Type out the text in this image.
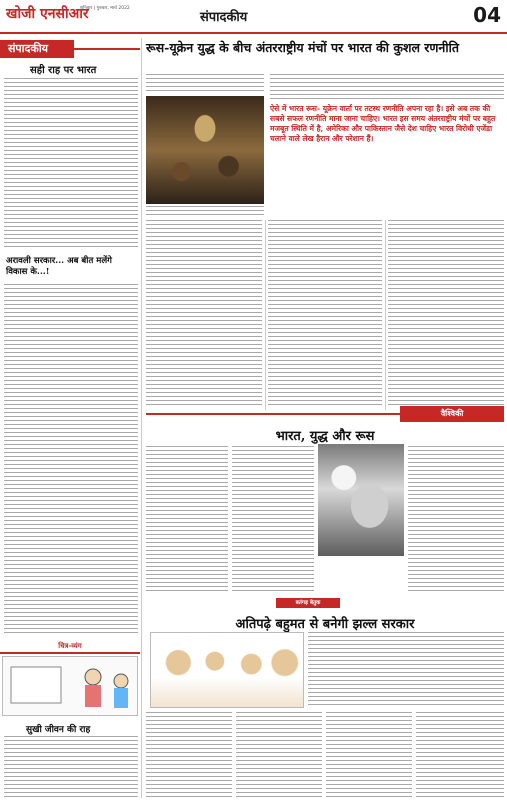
खोजी एनसीआर
शनिवार | गुरुवार, मार्च 2022
संपादकीय	04
संपादकीय
सही राह पर भारत
अरावली सरकार... अब बीत मलेंगे विकास के...!
चित्र-व्यंग
सुखी जीवन की राह
रूस-यूक्रेन युद्ध के बीच अंतरराष्ट्रीय मंचों पर भारत की कुशल रणनीति
ऐसे में भारत रूस- यूक्रेन वार्ता पर तटस्थ रणनीति अपना रहा है। इसे अब तक की सबसे सफल रणनीति माना जाना चाहिए। भारत इस समय अंतरराष्ट्रीय मंचों पर बहुत मजबूत स्थिति में है, अमेरिका और पाकिस्तान जैसे देश चाहिए भारत विरोधी एजेंडा चलाने वाले लेख हैरान और परेशान हैं।
वैश्विकी
भारत, युद्ध और रूस
बतंगड़ बेतुक
अतिपढ़े बहुमत से बनेगी झल्ल सरकार
